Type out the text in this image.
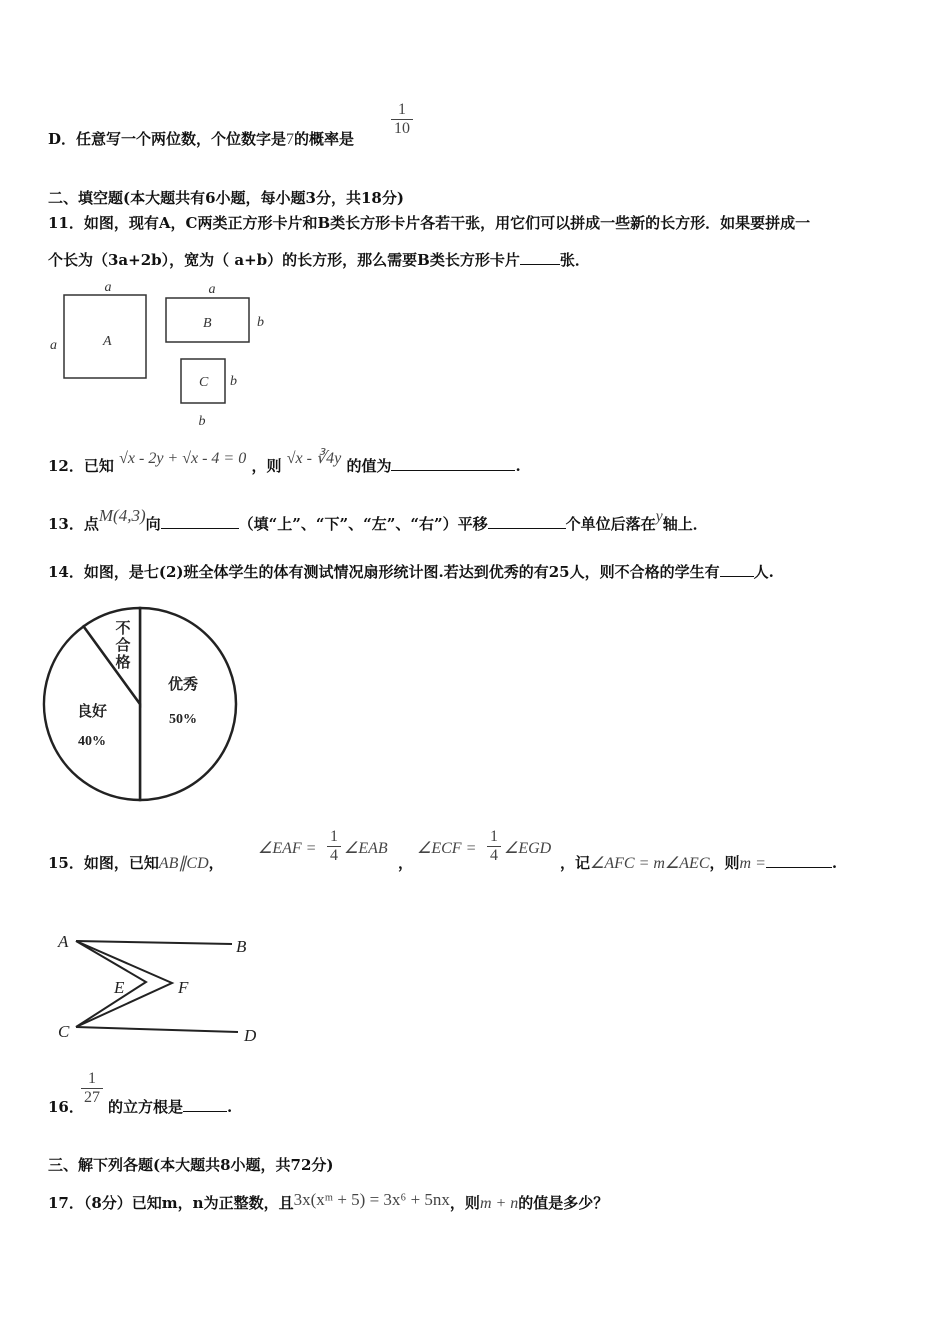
D．任意写一个两位数，个位数字是7的概率是
1
10
二、填空题(本大题共有6小题，每小题3分，共18分)
11．如图，现有A，C两类正方形卡片和B类长方形卡片各若干张，用它们可以拼成一些新的长方形．如果要拼成一
个长为（3a+2b），宽为（ a+b）的长方形，那么需要B类长方形卡片	张．
a
a	A
a
b
B
b
C
b
12．已知 √x - 2y + √x - 4 = 0 ，则 √x - ∛4y 的值为	.
13．点M(4,3)向	（填“上”、“下”、“左”、“右”）平移	个单位后落在y轴上．
14．如图，是七(2)班全体学生的体有测试情况扇形统计图.若达到优秀的有25人，则不合格的学生有 人.
优秀
50%
良好
40%
不
合
格
15．如图，已知AB∥CD，
∠EAF =
1
4 ∠EAB
，
∠ECF =
1
4 ∠EGD
，记∠AFC = m∠AEC，则m =	.
A	B
C	D
E	F
16．
1
27
的立方根是	.
三、解下列各题(本大题共8小题，共72分)
17．（8分）已知m，n为正整数，且3x(xᵐ + 5) = 3x⁶ + 5nx，则m + n的值是多少？
